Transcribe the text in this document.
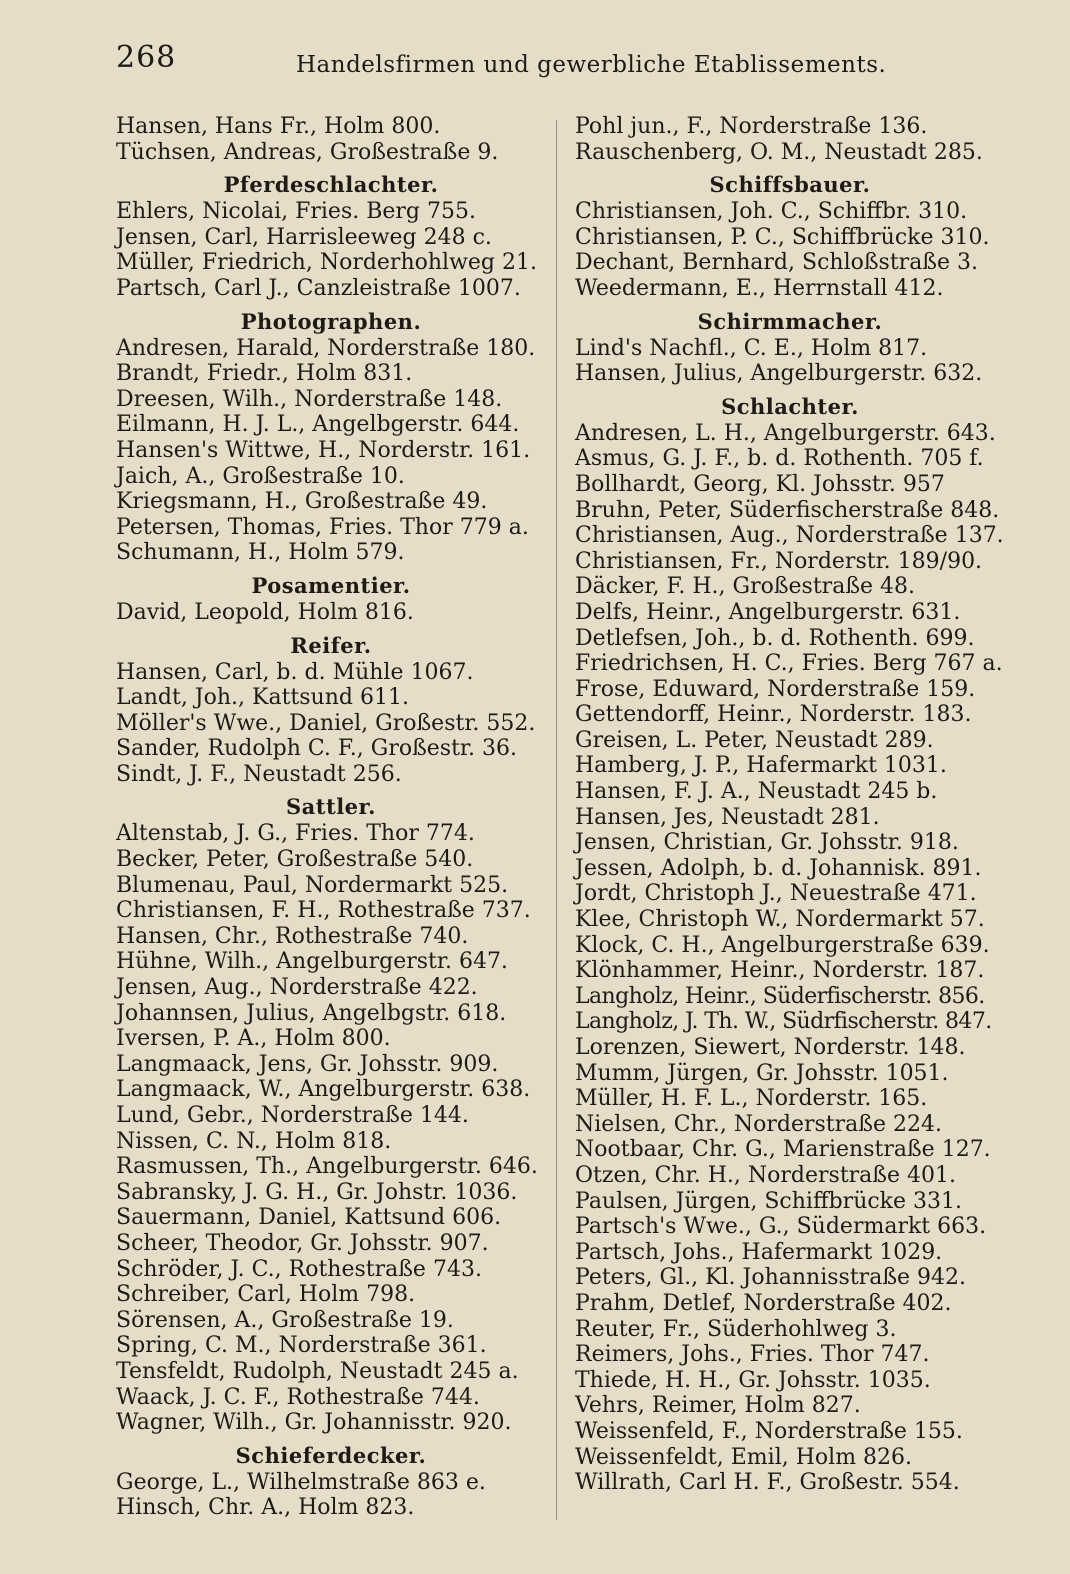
268	Handelsfirmen und gewerbliche Etablissements.
Hansen, Hans Fr., Holm 800.
Tüchsen, Andreas, Großestraße 9.
Pferdeschlachter.
Ehlers, Nicolai, Fries. Berg 755.
Jensen, Carl, Harrisleeweg 248 c.
Müller, Friedrich, Norderhohlweg 21.
Partsch, Carl J., Canzleistraße 1007.
Photographen.
Andresen, Harald, Norderstraße 180.
Brandt, Friedr., Holm 831.
Dreesen, Wilh., Norderstraße 148.
Eilmann, H. J. L., Angelbgerstr. 644.
Hansen's Wittwe, H., Norderstr. 161.
Jaich, A., Großestraße 10.
Kriegsmann, H., Großestraße 49.
Petersen, Thomas, Fries. Thor 779 a.
Schumann, H., Holm 579.
Posamentier.
David, Leopold, Holm 816.
Reifer.
Hansen, Carl, b. d. Mühle 1067.
Landt, Joh., Kattsund 611.
Möller's Wwe., Daniel, Großestr. 552.
Sander, Rudolph C. F., Großestr. 36.
Sindt, J. F., Neustadt 256.
Sattler.
Altenstab, J. G., Fries. Thor 774.
Becker, Peter, Großestraße 540.
Blumenau, Paul, Nordermarkt 525.
Christiansen, F. H., Rothestraße 737.
Hansen, Chr., Rothestraße 740.
Hühne, Wilh., Angelburgerstr. 647.
Jensen, Aug., Norderstraße 422.
Johannsen, Julius, Angelbgstr. 618.
Iversen, P. A., Holm 800.
Langmaack, Jens, Gr. Johsstr. 909.
Langmaack, W., Angelburgerstr. 638.
Lund, Gebr., Norderstraße 144.
Nissen, C. N., Holm 818.
Rasmussen, Th., Angelburgerstr. 646.
Sabransky, J. G. H., Gr. Johstr. 1036.
Sauermann, Daniel, Kattsund 606.
Scheer, Theodor, Gr. Johsstr. 907.
Schröder, J. C., Rothestraße 743.
Schreiber, Carl, Holm 798.
Sörensen, A., Großestraße 19.
Spring, C. M., Norderstraße 361.
Tensfeldt, Rudolph, Neustadt 245 a.
Waack, J. C. F., Rothestraße 744.
Wagner, Wilh., Gr. Johannisstr. 920.
Schieferdecker.
George, L., Wilhelmstraße 863 e.
Hinsch, Chr. A., Holm 823.
Pohl jun., F., Norderstraße 136.
Rauschenberg, O. M., Neustadt 285.
Schiffsbauer.
Christiansen, Joh. C., Schiffbr. 310.
Christiansen, P. C., Schiffbrücke 310.
Dechant, Bernhard, Schloßstraße 3.
Weedermann, E., Herrnstall 412.
Schirmmacher.
Lind's Nachfl., C. E., Holm 817.
Hansen, Julius, Angelburgerstr. 632.
Schlachter.
Andresen, L. H., Angelburgerstr. 643.
Asmus, G. J. F., b. d. Rothenth. 705 f.
Bollhardt, Georg, Kl. Johsstr. 957
Bruhn, Peter, Süderfischerstraße 848.
Christiansen, Aug., Norderstraße 137.
Christiansen, Fr., Norderstr. 189/90.
Däcker, F. H., Großestraße 48.
Delfs, Heinr., Angelburgerstr. 631.
Detlefsen, Joh., b. d. Rothenth. 699.
Friedrichsen, H. C., Fries. Berg 767 a.
Frose, Eduward, Norderstraße 159.
Gettendorff, Heinr., Norderstr. 183.
Greisen, L. Peter, Neustadt 289.
Hamberg, J. P., Hafermarkt 1031.
Hansen, F. J. A., Neustadt 245 b.
Hansen, Jes, Neustadt 281.
Jensen, Christian, Gr. Johsstr. 918.
Jessen, Adolph, b. d. Johannisk. 891.
Jordt, Christoph J., Neuestraße 471.
Klee, Christoph W., Nordermarkt 57.
Klock, C. H., Angelburgerstraße 639.
Klönhammer, Heinr., Norderstr. 187.
Langholz, Heinr., Süderfischerstr. 856.
Langholz, J. Th. W., Südrfischerstr. 847.
Lorenzen, Siewert, Norderstr. 148.
Mumm, Jürgen, Gr. Johsstr. 1051.
Müller, H. F. L., Norderstr. 165.
Nielsen, Chr., Norderstraße 224.
Nootbaar, Chr. G., Marienstraße 127.
Otzen, Chr. H., Norderstraße 401.
Paulsen, Jürgen, Schiffbrücke 331.
Partsch's Wwe., G., Südermarkt 663.
Partsch, Johs., Hafermarkt 1029.
Peters, Gl., Kl. Johannisstraße 942.
Prahm, Detlef, Norderstraße 402.
Reuter, Fr., Süderhohlweg 3.
Reimers, Johs., Fries. Thor 747.
Thiede, H. H., Gr. Johsstr. 1035.
Vehrs, Reimer, Holm 827.
Weissenfeld, F., Norderstraße 155.
Weissenfeldt, Emil, Holm 826.
Willrath, Carl H. F., Großestr. 554.
